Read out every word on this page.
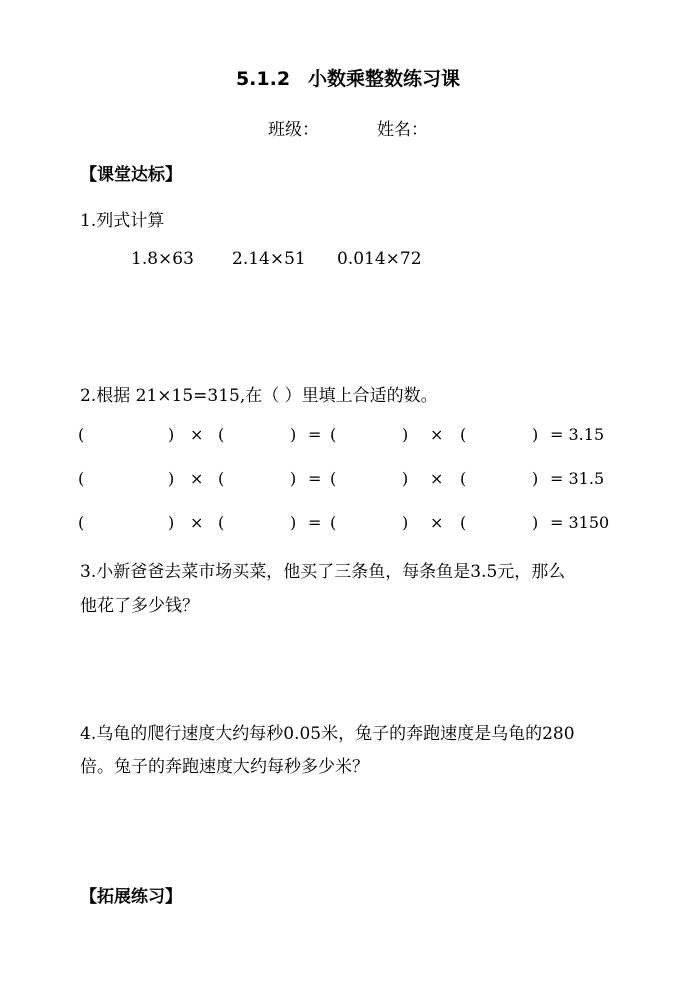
5.1.2 小数乘整数练习课
班级：	姓名：
【课堂达标】
1.列式计算
1.8×63 2.14×51 0.014×72
2.根据 21×15=315,在（ ）里填上合适的数。
(	) × (	) = (	) × (	) = 3.15
(	) × (	) = (	) × (	) = 31.5
(	) × (	) = (	) × (	) = 3150
3.小新爸爸去菜市场买菜，他买了三条鱼，每条鱼是3.5元，那么
他花了多少钱？
4.乌龟的爬行速度大约每秒0.05米，兔子的奔跑速度是乌龟的280
倍。兔子的奔跑速度大约每秒多少米？
【拓展练习】
